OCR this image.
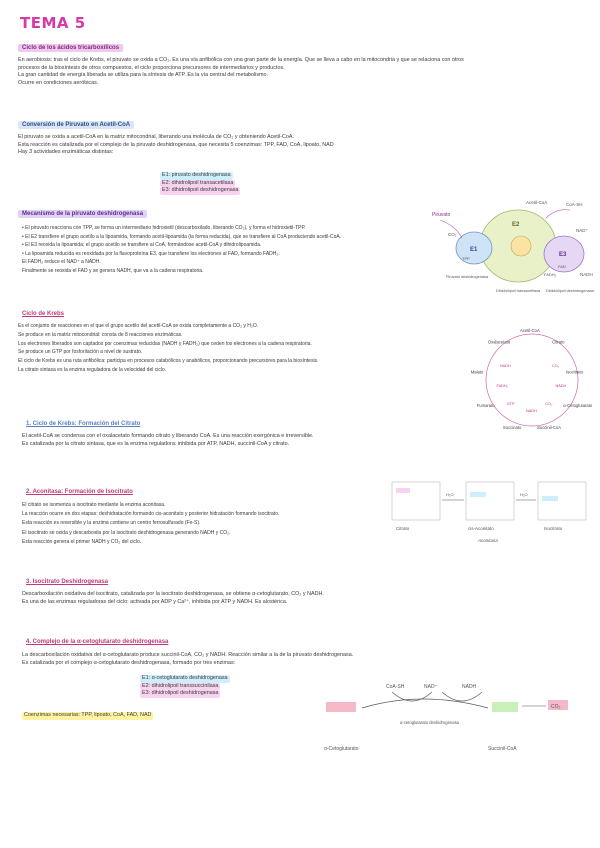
TEMA 5
Ciclo de los ácidos tricarboxílicos

En aerobiosis: tras el ciclo de Krebs, el piruvato se oxida a CO₂. Es una vía anfibólica con una gran parte de la energía. Que se lleva a cabo en la mitocondria y que se relaciona con otros

procesos de la biosíntesis de otros compuestos, el ciclo proporciona precursores de intermediarios y productos.

La gran cantidad de energía liberada se utiliza para la síntesis de ATP. Es la vía central del metabolismo.

Ocurre en condiciones aeróbicas.

Conversión de Piruvato en Acetil-CoA

El piruvato se oxida a acetil-CoA en la matriz mitocondrial, liberando una molécula de CO₂ y obteniendo Acetil-CoA.

Esta reacción es catalizada por el complejo de la piruvato deshidrogenasa, que necesita 5 coenzimas: TPP, FAD, CoA, lipoato, NAD

Hay 3 actividades enzimáticas distintas:

E1: piruvato deshidrogenasa

E2: dihidrolipoil transacetilasa

E3: dihidrolipoil deshidrogenasa

Mecanismo de la piruvato deshidrogenasa

• El piruvato reacciona con TPP, se forma un intermediario hidroxietil (descarboxilado, liberando CO₂), y forma el hidroxietil-TPP.

• El E2 transfiere el grupo acetilo a la lipoamida, formando acetil-lipoamida (la forma reducida), que se transfiere al CoA produciendo acetil-CoA.

• El E3 reoxida la lipoamida; el grupo acetilo se transfiere al CoA, formándose acetil-CoA y dihidrolipoamida.

• La lipoamida reducida es reoxidada por la flavoproteína E3, que transfiere los electrones al FAD, formando FADH₂.

El FADH₂ reduce el NAD⁺ a NADH.

Finalmente se reoxida el FAD y se genera NADH, que va a la cadena respiratoria.

Piruvato
E1
E2
E3
Acetil-CoA	CoA-SH
NAD⁺
NADH
FAD
FADH₂
TPP
CO₂
Piruvato deshidrogenasa
Dihidrolipoil transacetilasa Dihidrolipoil deshidrogenasa
Ciclo de Krebs

Es el conjunto de reacciones en el que el grupo acetilo del acetil-CoA se oxida completamente a CO₂ y H₂O.

Se produce en la matriz mitocondrial: consta de 8 reacciones enzimáticas.

Los electrones liberados son captados por coenzimas reducidas (NADH y FADH₂) que ceden los electrones a la cadena respiratoria.

Se produce un GTP por fosforilación a nivel de sustrato.

El ciclo de Krebs es una ruta anfibólica: participa en procesos catabólicos y anabólicos, proporcionando precursores para la biosíntesis.

La citrato sintasa es la enzima reguladora de la velocidad del ciclo.

Acetil-CoA
Citrato
Isocitrato
α-Cetoglutarato
Succinil-CoA
Succinato
Fumarato
Malato
Oxalacetato
CO₂
NADH
CO₂
NADH
GTP
FADH₂
NADH
1. Ciclo de Krebs: Formación del Citrato

El acetil-CoA se condensa con el oxalacetato formando citrato y liberando CoA. Es una reacción exergónica e irreversible.

Es catalizada por la citrato sintasa, que es la enzima reguladora: inhibida por ATP, NADH, succinil-CoA y citrato.

2. Aconitasa: Formación de Isocitrato

El citrato se isomeriza a isocitrato mediante la enzima aconitasa.

La reacción ocurre en dos etapas: deshidratación formando cis-aconitato y posterior hidratación formando isocitrato.

Esta reacción es reversible y la enzima contiene un centro ferrosulfurado (Fe-S).

El isocitrato se oxida y descarboxila por la isocitrato deshidrogenasa generando NADH y CO₂.

Esta reacción genera el primer NADH y CO₂ del ciclo.

Citrato	cis-Aconitato	Isocitrato
H₂O	H₂O
Aconitasa
3. Isocitrato Deshidrogenasa

Descarboxilación oxidativa del isocitrato, catalizada por la isocitrato deshidrogenasa, se obtiene α-cetoglutarato, CO₂ y NADH.

Es una de las enzimas reguladoras del ciclo: activada por ADP y Ca²⁺, inhibida por ATP y NADH. Es alostérica.

4. Complejo de la α-cetoglutarato deshidrogenasa

La descarboxilación oxidativa del α-cetoglutarato produce succinil-CoA, CO₂ y NADH. Reacción similar a la de la piruvato deshidrogenasa.

Es catalizada por el complejo α-cetoglutarato deshidrogenasa, formado por tres enzimas:

E1: α-cetoglutarato deshidrogenasa

E2: dihidrolipoil transsuccinilasa

E3: dihidrolipoil deshidrogenasa

Coenzimas necesarias: TPP, lipoato, CoA, FAD, NAD

CoA-SH	NAD⁺	NADH
CO₂
α-cetoglutarato deshidrogenasa
α-Cetoglutarato	Succinil-CoA
